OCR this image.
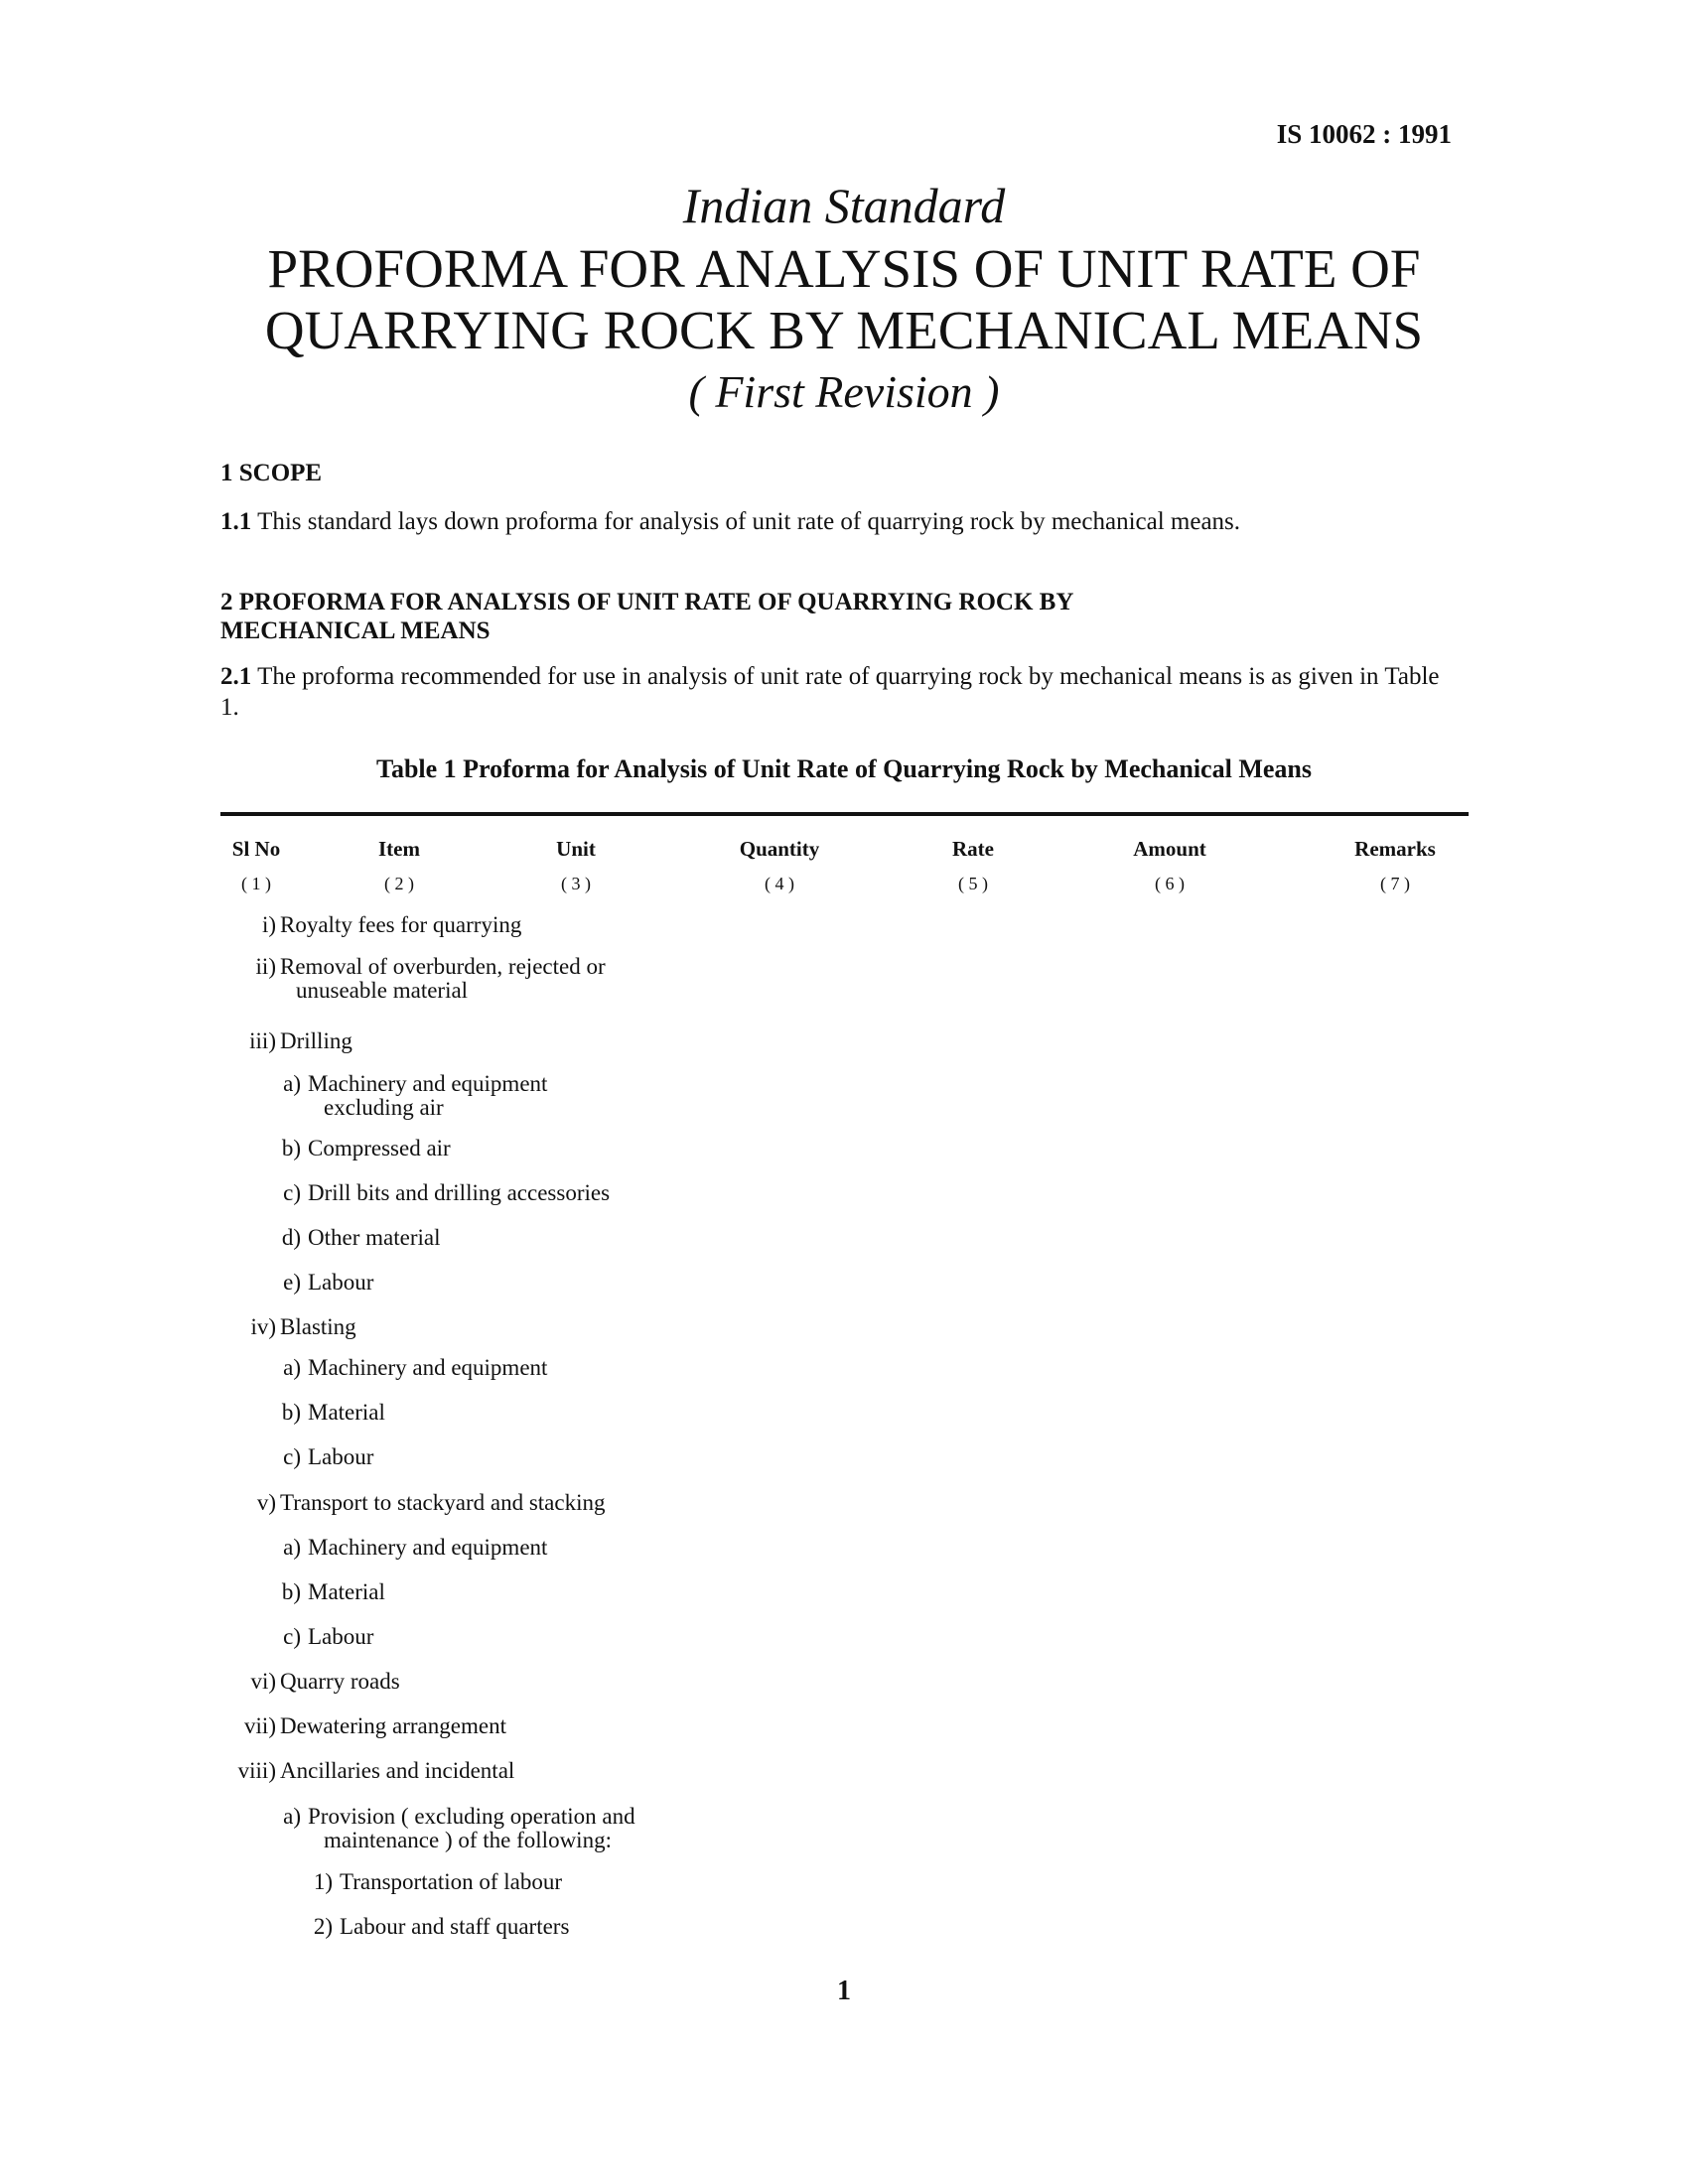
IS 10062 : 1991
Indian Standard
PROFORMA FOR ANALYSIS OF UNIT RATE OF
QUARRYING ROCK BY MECHANICAL MEANS
( First Revision )
1 SCOPE
1.1 This standard lays down proforma for analysis of unit rate of quarrying rock by mechanical means.
2 PROFORMA FOR ANALYSIS OF UNIT RATE OF QUARRYING ROCK BY
MECHANICAL MEANS
2.1 The proforma recommended for use in analysis of unit rate of quarrying rock by mechanical means is as given in Table 1.
Table 1 Proforma for Analysis of Unit Rate of Quarrying Rock by Mechanical Means
Sl No
( 1 )
Item
( 2 )
Unit
( 3 )
Quantity
( 4 )
Rate
( 5 )
Amount
( 6 )
Remarks
( 7 )
i) Royalty fees for quarrying
ii) Removal of overburden, rejected or
unuseable material
iii) Drilling
a) Machinery and equipment
excluding air
b) Compressed air
c) Drill bits and drilling accessories
d) Other material
e) Labour
iv) Blasting
a) Machinery and equipment
b) Material
c) Labour
v) Transport to stackyard and stacking
a) Machinery and equipment
b) Material
c) Labour
vi) Quarry roads
vii) Dewatering arrangement
viii) Ancillaries and incidental
a) Provision ( excluding operation and
maintenance ) of the following:
1) Transportation of labour
2) Labour and staff quarters
1
